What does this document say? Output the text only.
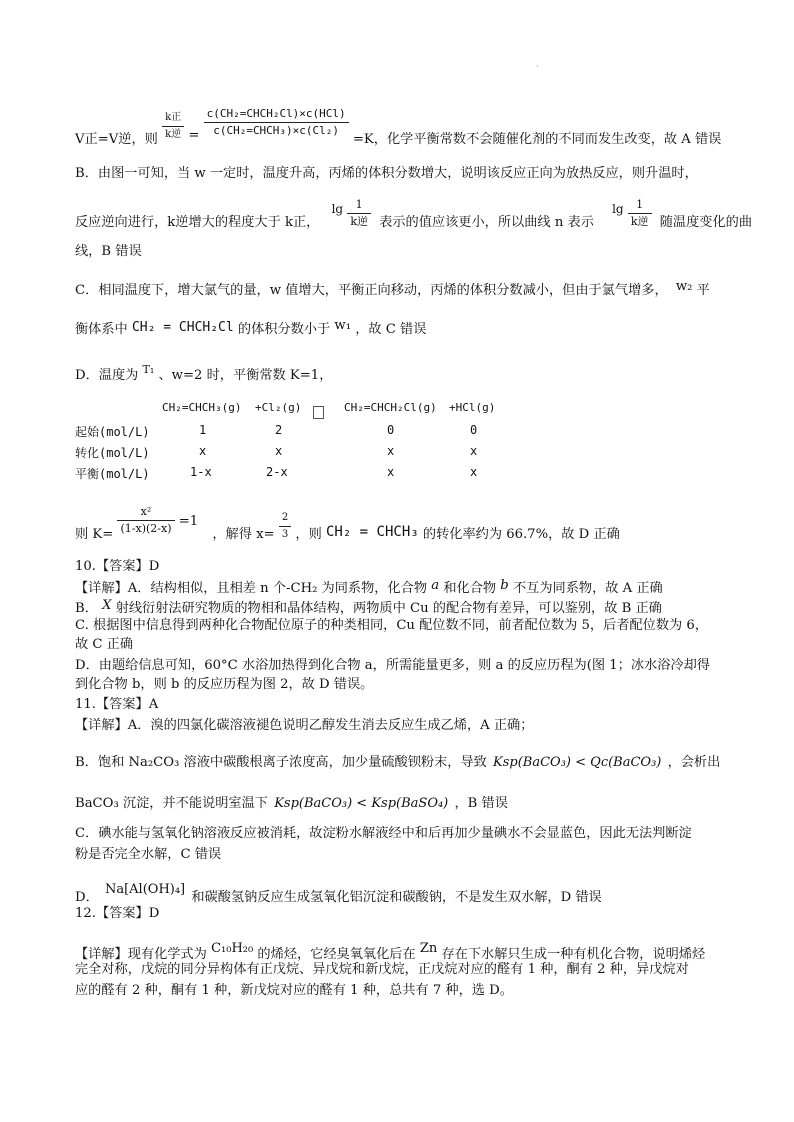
·
V正=V逆，则 $\frac{\text{k正}}{\text{k逆}} = \frac{\text{c(CH₂=CHCH₂Cl)×c(HCl)}}{\text{c(CH₂=CHCH₃)×c(Cl₂)}}$
=K，化学平衡常数不会随催化剂的不同而发生改变，故 A 错误
B．由图一可知，当 w 一定时，温度升高，丙烯的体积分数增大，说明该反应正向为放热反应，则升温时，
反应逆向进行，k逆增大的程度大于 k正， $\lg \frac{1}{\text{k逆}}$ 表示的值应该更小，所以曲线 n 表示 $\lg \frac{1}{\text{k逆}}$ 随温度变化的曲
线，B 错误
C．相同温度下，增大氯气的量，w 值增大，平衡正向移动，丙烯的体积分数减小，但由于氯气增多， w₂ 平
衡体系中 CH₂ = CHCH₂Cl 的体积分数小于 w₁ ，故 C 错误
D．温度为 T₁ 、w=2 时，平衡常数 K=1，
CH₂=CHCH₃(g) +Cl₂(g)	CH₂=CHCH₂Cl(g) +HCl(g)
起始(mol/L)	1	2	0	0
转化(mol/L)	x	x	x	x
平衡(mol/L)	1-x	2-x	x	x
则 $K= \frac{\text{x²}}{(1-x)(2-x)} =1$ ，解得 $x= \frac{2}{3}$ ，则 CH₂ = CHCH₃ 的转化率约为 66.7%，故 D 正确
10.【答案】D
【详解】A．结构相似，且相差 n 个-CH₂ 为同系物，化合物 a 和化合物 b 不互为同系物，故 A 正确
B． X 射线衍射法研究物质的物相和晶体结构，两物质中 Cu 的配合物有差异，可以鉴别，故 B 正确
C. 根据图中信息得到两种化合物配位原子的种类相同，Cu 配位数不同，前者配位数为 5，后者配位数为 6，
故 C 正确
D．由题给信息可知，60°C 水浴加热得到化合物 a，所需能量更多，则 a 的反应历程为(图 1；冰水浴冷却得
到化合物 b，则 b 的反应历程为图 2，故 D 错误。
11.【答案】A
【详解】A．溴的四氯化碳溶液褪色说明乙醇发生消去反应生成乙烯，A 正确；
B．饱和 Na₂CO₃ 溶液中碳酸根离子浓度高，加少量硫酸钡粉末，导致 Ksp(BaCO₃) < Qc(BaCO₃) ，会析出
BaCO₃ 沉淀，并不能说明室温下 Ksp(BaCO₃) < Ksp(BaSO₄) ，B 错误
C．碘水能与氢氧化钠溶液反应被消耗，故淀粉水解液经中和后再加少量碘水不会显蓝色，因此无法判断淀
粉是否完全水解，C 错误
D． Na[Al(OH)₄] 和碳酸氢钠反应生成氢氧化铝沉淀和碳酸钠，不是发生双水解，D 错误
12.【答案】D
【详解】现有化学式为 C₁₀H₂₀ 的烯烃，它经臭氧氧化后在 Zn 存在下水解只生成一种有机化合物，说明烯烃
完全对称，戊烷的同分异构体有正戊烷、异戊烷和新戊烷，正戊烷对应的醛有 1 种，酮有 2 种，异戊烷对
应的醛有 2 种，酮有 1 种，新戊烷对应的醛有 1 种，总共有 7 种，选 D。
